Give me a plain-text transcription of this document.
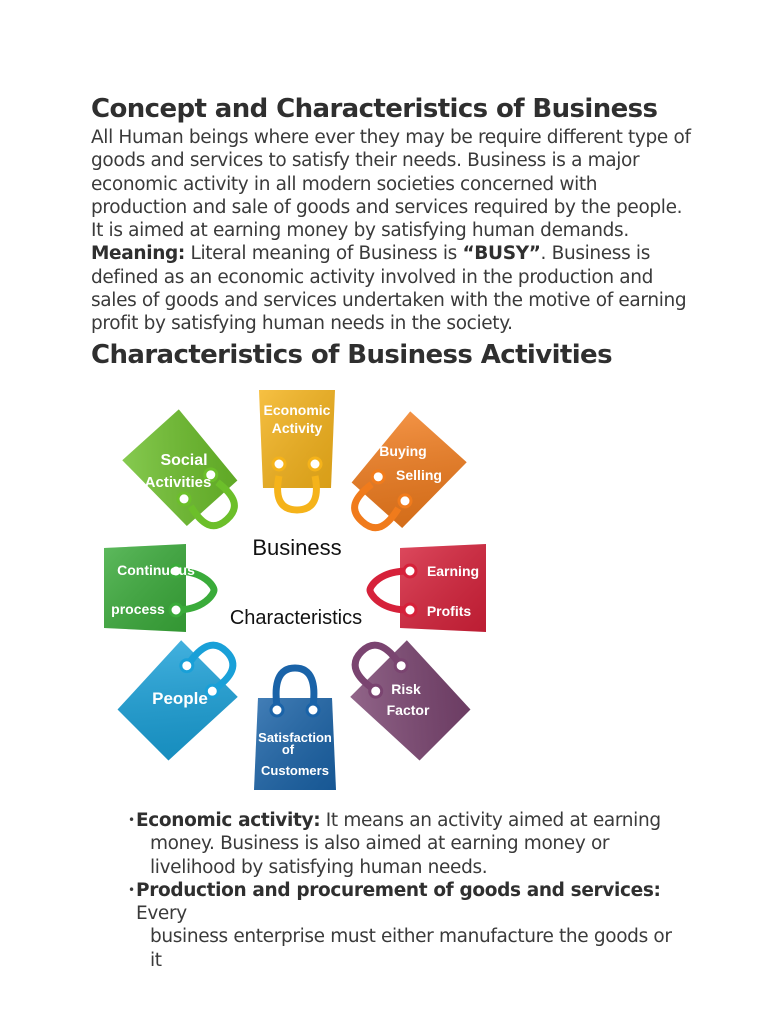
Concept and Characteristics of Business

All Human beings where ever they may be require different type of goods and services to satisfy their needs. Business is a major economic activity in all modern societies concerned with production and sale of goods and services required by the people. It is aimed at earning money by satisfying human demands.

Meaning: Literal meaning of Business is “BUSY”. Business is defined as an economic activity involved in the production and sales of goods and services undertaken with the motive of earning profit by satisfying human needs in the society.

Characteristics of Business Activities
Economic
Activity
Buying
Selling
Earning
Profits
Risk
Factor
Satisfaction
of
Customers
People
Continuous
process
Social
Activities
Business
Characteristics
• Economic activity: It means an activity aimed at earning
money. Business is also aimed at earning money or livelihood by satisfying human needs.
• Production and procurement of goods and services: Every
business enterprise must either manufacture the goods or it
